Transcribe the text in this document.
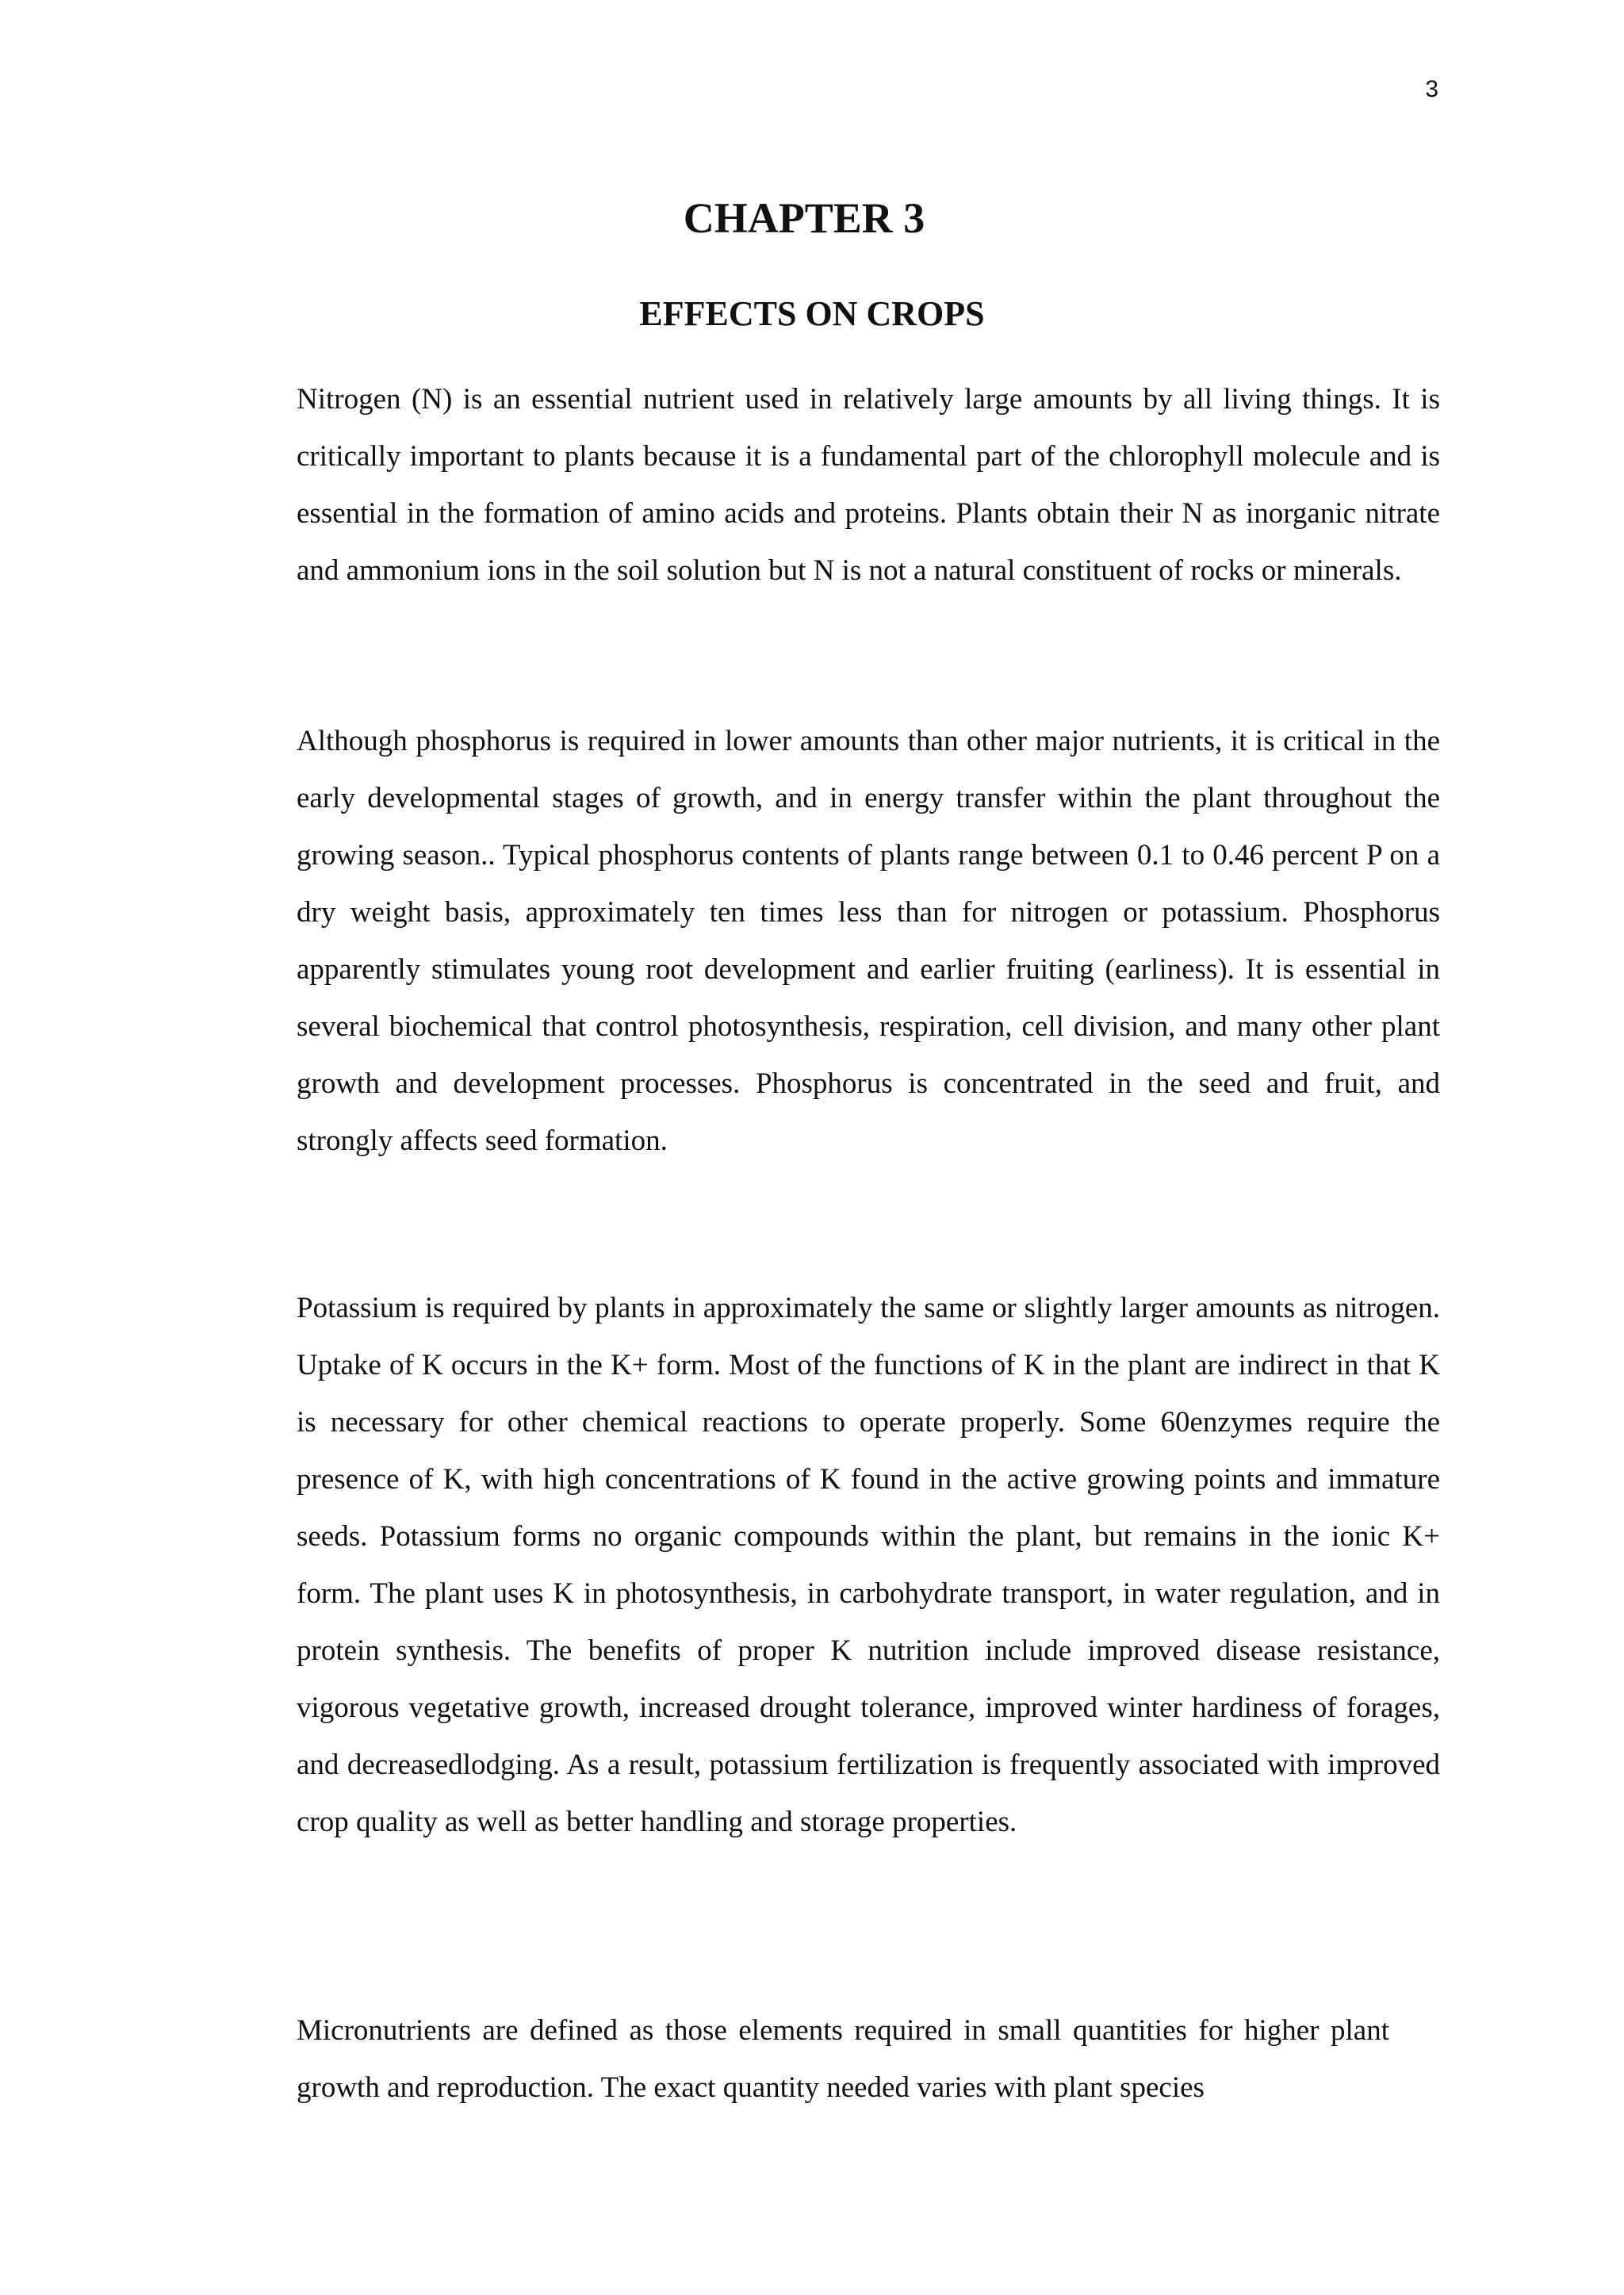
3
CHAPTER 3
EFFECTS ON CROPS

Nitrogen (N) is an essential nutrient used in relatively large amounts by all living things. It is critically important to plants because it is a fundamental part of the chlorophyll molecule and is essential in the formation of amino acids and proteins. Plants obtain their N as inorganic nitrate and ammonium ions in the soil solution but N is not a natural constituent of rocks or minerals.

Although phosphorus is required in lower amounts than other major nutrients, it is critical in the early developmental stages of growth, and in energy transfer within the plant throughout the growing season.. Typical phosphorus contents of plants range between 0.1 to 0.46 percent P on a dry weight basis, approximately ten times less than for nitrogen or potassium. Phosphorus apparently stimulates young root development and earlier fruiting (earliness). It is essential in several biochemical that control photosynthesis, respiration, cell division, and many other plant growth and development processes. Phosphorus is concentrated in the seed and fruit, and strongly affects seed formation.

Potassium is required by plants in approximately the same or slightly larger amounts as nitrogen. Uptake of K occurs in the K+ form. Most of the functions of K in the plant are indirect in that K is necessary for other chemical reactions to operate properly. Some 60enzymes require the presence of K, with high concentrations of K found in the active growing points and immature seeds. Potassium forms no organic compounds within the plant, but remains in the ionic K+ form. The plant uses K in photosynthesis, in carbohydrate transport, in water regulation, and in protein synthesis. The benefits of proper K nutrition include improved disease resistance, vigorous vegetative growth, increased drought tolerance, improved winter hardiness of forages, and decreasedlodging. As a result, potassium fertilization is frequently associated with improved crop quality as well as better handling and storage properties.

Micronutrients are defined as those elements required in small quantities for higher plant growth and reproduction. The exact quantity needed varies with plant species
